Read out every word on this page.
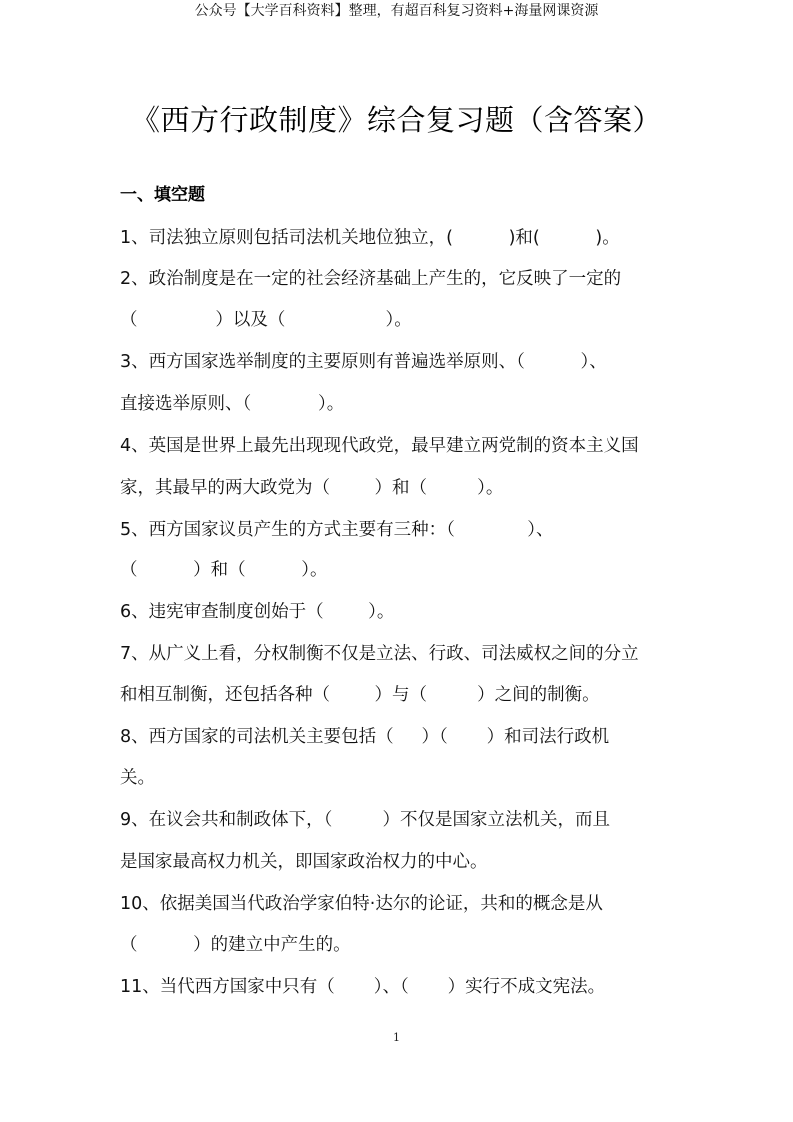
公众号【大学百科资料】整理，有超百科复习资料+海量网课资源
《西方行政制度》综合复习题（含答案）
一、填空题
1、司法独立原则包括司法机关地位独立，(          )和(          )。
2、政治制度是在一定的社会经济基础上产生的，它反映了一定的
（              ）以及（                  ）。
3、西方国家选举制度的主要原则有普遍选举原则、（          ）、
直接选举原则、（            ）。
4、英国是世界上最先出现现代政党，最早建立两党制的资本主义国
家，其最早的两大政党为（        ）和（         ）。
5、西方国家议员产生的方式主要有三种：（             ）、
（          ）和（          ）。
6、违宪审查制度创始于（        ）。
7、从广义上看，分权制衡不仅是立法、行政、司法威权之间的分立
和相互制衡，还包括各种（        ）与（         ）之间的制衡。
8、西方国家的司法机关主要包括（     ）（       ）和司法行政机
关。
9、在议会共和制政体下，（         ）不仅是国家立法机关，而且
是国家最高权力机关，即国家政治权力的中心。
10、依据美国当代政治学家伯特·达尔的论证，共和的概念是从
（          ）的建立中产生的。
11、当代西方国家中只有（       ）、（       ）实行不成文宪法。
1
